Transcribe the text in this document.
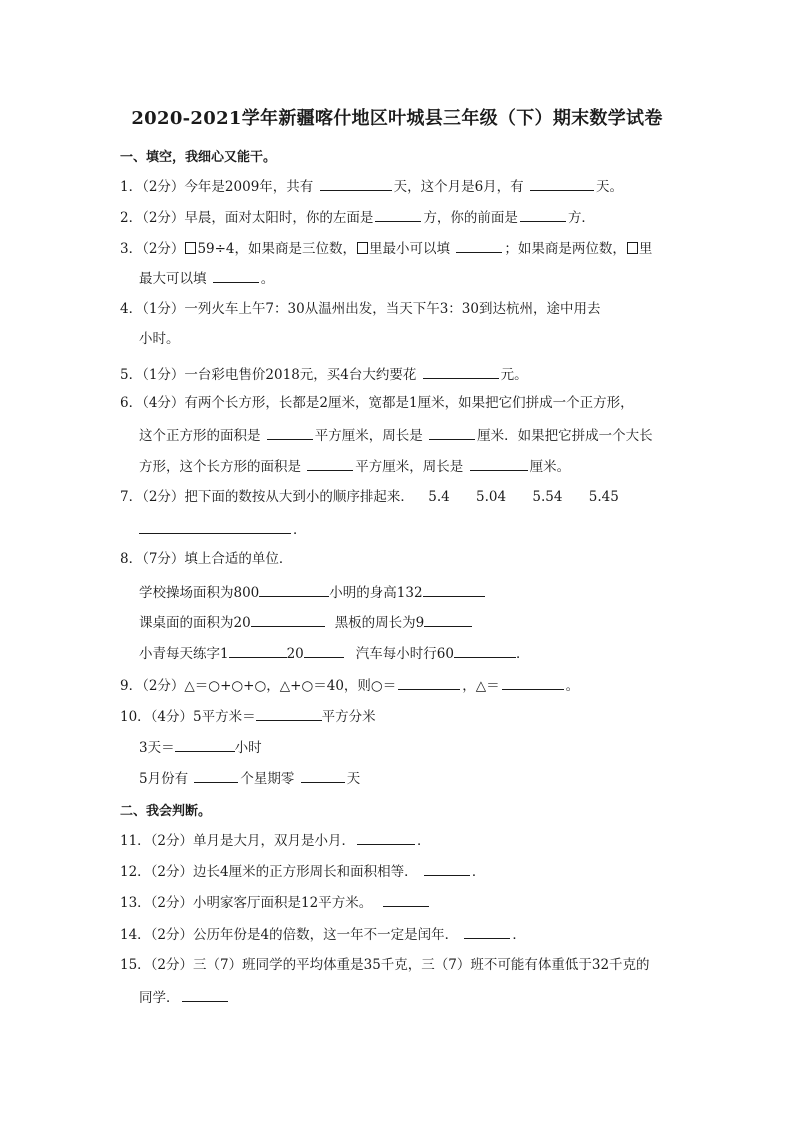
2020-2021学年新疆喀什地区叶城县三年级（下）期末数学试卷
一、填空，我细心又能干。
1．（2分）今年是2009年，共有	天，这个月是6月，有	天。
2．（2分）早晨，面对太阳时，你的左面是	方，你的前面是	方．
3．（2分） 59÷4，如果商是三位数， 里最小可以填	；如果商是两位数， 里
最大可以填	。
4．（1分）一列火车上午7：30从温州出发，当天下午3：30到达杭州，途中用去
小时。
5．（1分）一台彩电售价2018元，买4台大约要花	元。
6．（4分）有两个长方形，长都是2厘米，宽都是1厘米，如果把它们拼成一个正方形，
这个正方形的面积是	平方厘米，周长是	厘米．如果把它拼成一个大长
方形，这个长方形的面积是	平方厘米，周长是	厘米。
7．（2分）把下面的数按从大到小的顺序排起来． 5.4 5.04 5.54 5.45
．
8．（7分）填上合适的单位．
学校操场面积为800	小明的身高132
课桌面的面积为20	黑板的周长为9
小青每天练字1	20	汽车每小时行60	．
9．（2分）△＝○+○+○，△+○＝40，则○＝	，△＝	。
10．（4分）5平方米＝	平方分米
3天＝	小时
5月份有	个星期零	天
二、我会判断。
11．（2分）单月是大月，双月是小月．	．
12．（2分）边长4厘米的正方形周长和面积相等．	．
13．（2分）小明家客厅面积是12平方米。
14．（2分）公历年份是4的倍数，这一年不一定是闰年．	．
15．（2分）三（7）班同学的平均体重是35千克，三（7）班不可能有体重低于32千克的
同学．
